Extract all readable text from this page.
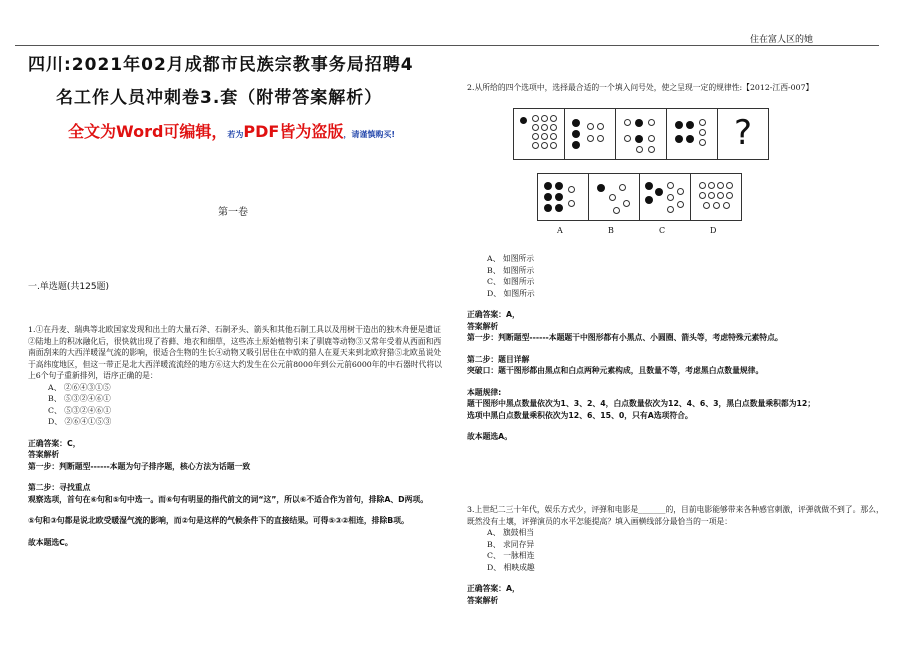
住在富人区的她
四川:2021年02月成都市民族宗教事务局招聘4
名工作人员冲刺卷3.套（附带答案解析）
全文为Word可编辑，若为PDF皆为盗版，请谨慎购买!
第一卷
一.单选题(共125题)
1.①在丹麦、瑞典等北欧国家发现和出土的大量石斧、石制矛头、箭头和其他石制工具以及用树干造出的独木舟便是遗证②陆地上的积冰融化后，很快就出现了苔藓、地衣和细草，这些冻土原始植物引来了驯鹿等动物③又常年受着从西面和西南面刮来的大西洋暖湿气流的影响，很适合生物的生长④动物又吸引居住在中欧的猎人在夏天来到北欧狩猎⑤北欧虽说处于高纬度地区，但这一带正是北大西洋暖流流经的地方⑥这大约发生在公元前8000年到公元前6000年的中石器时代将以上6个句子重新排列，语序正确的是：
A、 ②⑥④③①⑤
B、 ⑤③②④⑥①
C、 ⑤③②④⑥①
D、 ②⑥④①⑤③
正确答案：C，
答案解析
第一步：判断题型------本题为句子排序题，核心方法为话题一致
第二步：寻找重点
观察选项，首句在⑥句和⑤句中选一。而⑥句有明显的指代前文的词“这”，所以⑥不适合作为首句，排除A、D两项。
⑤句和③句都是说北欧受暖湿气流的影响，而②句是这样的气候条件下的直接结果。可得⑤③②相连，排除B项。
故本题选C。
2.从所给的四个选项中，选择最合适的一个填入问号处，使之呈现一定的规律性:【2012-江西-007】
?
A	B	C	D
A、 如图所示
B、 如图所示
C、 如图所示
D、 如图所示
正确答案：A，
答案解析
第一步：判断题型------本题题干中图形都有小黑点、小圆圈、箭头等，考虑特殊元素特点。
第二步：题目详解
突破口：题干图形都由黑点和白点两种元素构成，且数量不等，考虑黑白点数量规律。
本题规律:
题干图形中黑点数量依次为1、3、2、4，白点数量依次为12、4、6、3，黑白点数量乘积都为12；
选项中黑白点数量乘积依次为12、6、15、0，只有A选项符合。
故本题选A。
3.上世纪二三十年代，娱乐方式少，评弹和电影是_______的，目前电影能够带来各种感官刺激，评弹就做不到了。那么，既然没有土壤，评弹演员的水平怎能提高？填入画横线部分最恰当的一项是：
A、 旗鼓相当
B、 求同存异
C、 一脉相连
D、 相映成趣
正确答案：A，
答案解析
